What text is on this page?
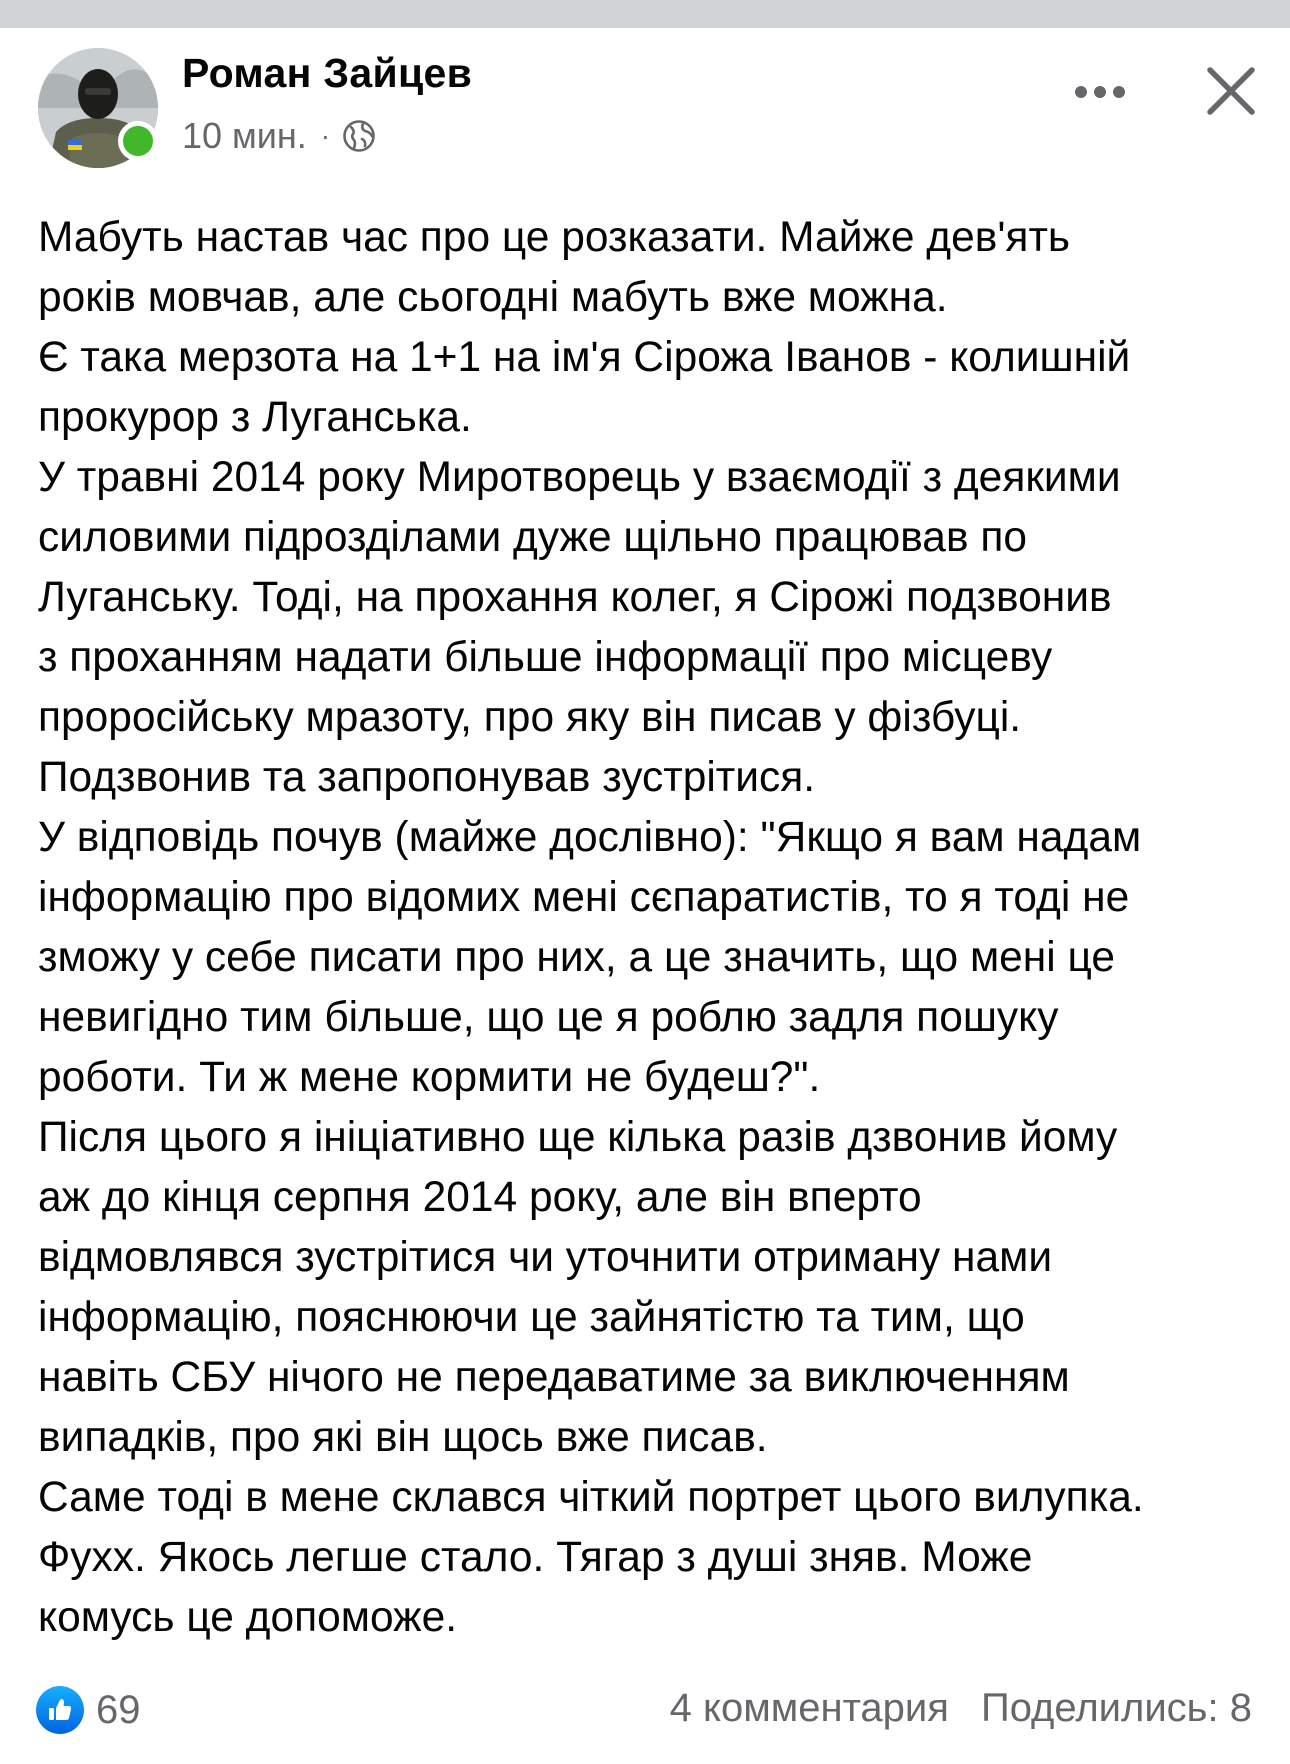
Роман Зайцев
10 мин. ·
Мабуть настав час про це розказати. Майже дев'ять
років мовчав, але сьогодні мабуть вже можна.
Є така мерзота на 1+1 на ім'я Сірожа Іванов - колишній
прокурор з Луганська.
У травні 2014 року Миротворець у взаємодії з деякими
силовими підрозділами дуже щільно працював по
Луганську. Тоді, на прохання колег, я Сірожі подзвонив
з проханням надати більше інформації про місцеву
проросійську мразоту, про яку він писав у фізбуці.
Подзвонив та запропонував зустрітися.
У відповідь почув (майже дослівно): "Якщо я вам надам
інформацію про відомих мені сєпаратистів, то я тоді не
зможу у себе писати про них, а це значить, що мені це
невигідно тим більше, що це я роблю задля пошуку
роботи. Ти ж мене кормити не будеш?".
Після цього я ініціативно ще кілька разів дзвонив йому
аж до кінця серпня 2014 року, але він вперто
відмовлявся зустрітися чи уточнити отриману нами
інформацію, пояснюючи це зайнятістю та тим, що
навіть СБУ нічого не передаватиме за виключенням
випадків, про які він щось вже писав.
Саме тоді в мене склався чіткий портрет цього вилупка.
Фухх. Якось легше стало. Тягар з душі зняв. Може
комусь це допоможе.
69	4 комментария Поделились: 8
